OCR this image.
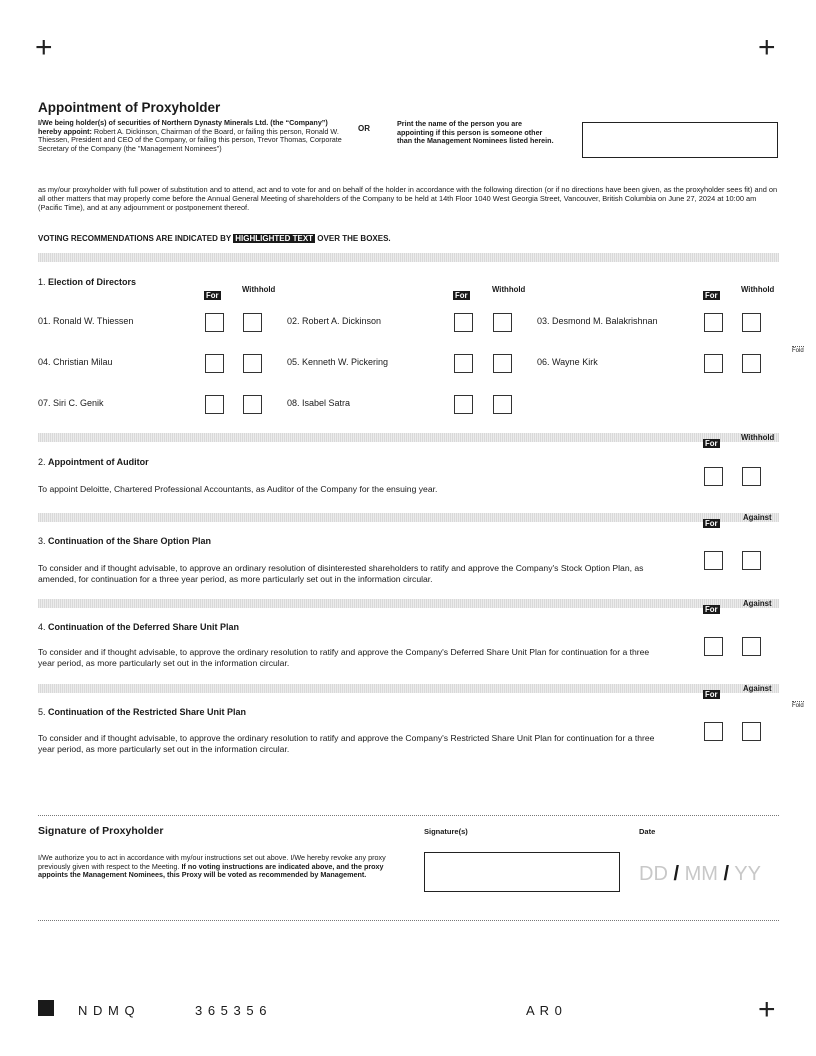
+	+
+
Appointment of Proxyholder
I/We being holder(s) of securities of Northern Dynasty Minerals Ltd. (the “Company”) hereby appoint: Robert A. Dickinson, Chairman of the Board, or failing this person, Ronald W. Thiessen, President and CEO of the Company, or failing this person, Trevor Thomas, Corporate Secretary of the Company (the "Management Nominees")
OR
Print the name of the person you are appointing if this person is someone other than the Management Nominees listed herein.
as my/our proxyholder with full power of substitution and to attend, act and to vote for and on behalf of the holder in accordance with the following direction (or if no directions have been given, as the proxyholder sees fit) and on all other matters that may properly come before the Annual General Meeting of shareholders of the Company to be held at 14th Floor 1040 West Georgia Street, Vancouver, British Columbia on June 27, 2024 at 10:00 am (Pacific Time), and at any adjournment or postponement thereof.
VOTING RECOMMENDATIONS ARE INDICATED BY HIGHLIGHTED TEXT OVER THE BOXES.
1. Election of Directors
For
Withhold
For
Withhold
For
Withhold
01. Ronald W. Thiessen	02. Robert A. Dickinson	03. Desmond M. Balakrishnan
04. Christian Milau	05. Kenneth W. Pickering	06. Wayne Kirk
07. Siri C. Genik	08. Isabel Satra
Fold
For
Withhold
2. Appointment of Auditor
To appoint Deloitte, Chartered Professional Accountants, as Auditor of the Company for the ensuing year.
For
Against
3. Continuation of the Share Option Plan
To consider and if thought advisable, to approve an ordinary resolution of disinterested shareholders to ratify and approve the Company's Stock Option Plan, as amended, for continuation for a three year period, as more particularly set out in the information circular.
For
Against
4. Continuation of the Deferred Share Unit Plan
To consider and if thought advisable, to approve the ordinary resolution to ratify and approve the Company's Deferred Share Unit Plan for continuation for a three year period, as more particularly set out in the information circular.
For
Against
5. Continuation of the Restricted Share Unit Plan
To consider and if thought advisable, to approve the ordinary resolution to ratify and approve the Company's Restricted Share Unit Plan for continuation for a three year period, as more particularly set out in the information circular.
Fold
Signature of Proxyholder	Signature(s)	Date
I/We authorize you to act in accordance with my/our instructions set out above. I/We hereby revoke any proxy previously given with respect to the Meeting. If no voting instructions are indicated above, and the proxy appoints the Management Nominees, this Proxy will be voted as recommended by Management.	DD / MM / YY
N D M Q	3 6 5 3 5 6	A R 0
